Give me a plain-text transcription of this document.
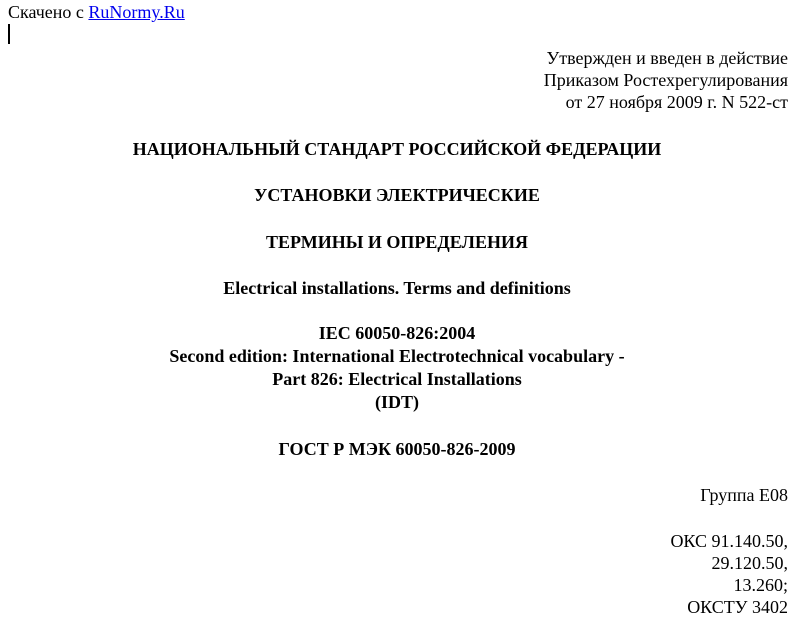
Скачено с RuNormy.Ru
Утвержден и введен в действие
Приказом Ростехрегулирования
от 27 ноября 2009 г. N 522-ст
НАЦИОНАЛЬНЫЙ СТАНДАРТ РОССИЙСКОЙ ФЕДЕРАЦИИ
УСТАНОВКИ ЭЛЕКТРИЧЕСКИЕ
ТЕРМИНЫ И ОПРЕДЕЛЕНИЯ
Electrical installations. Terms and definitions
IEC 60050-826:2004
Second edition: International Electrotechnical vocabulary -
Part 826: Electrical Installations
(IDT)
ГОСТ Р МЭК 60050-826-2009
Группа Е08
ОКС 91.140.50,
29.120.50,
13.260;
ОКСТУ 3402
